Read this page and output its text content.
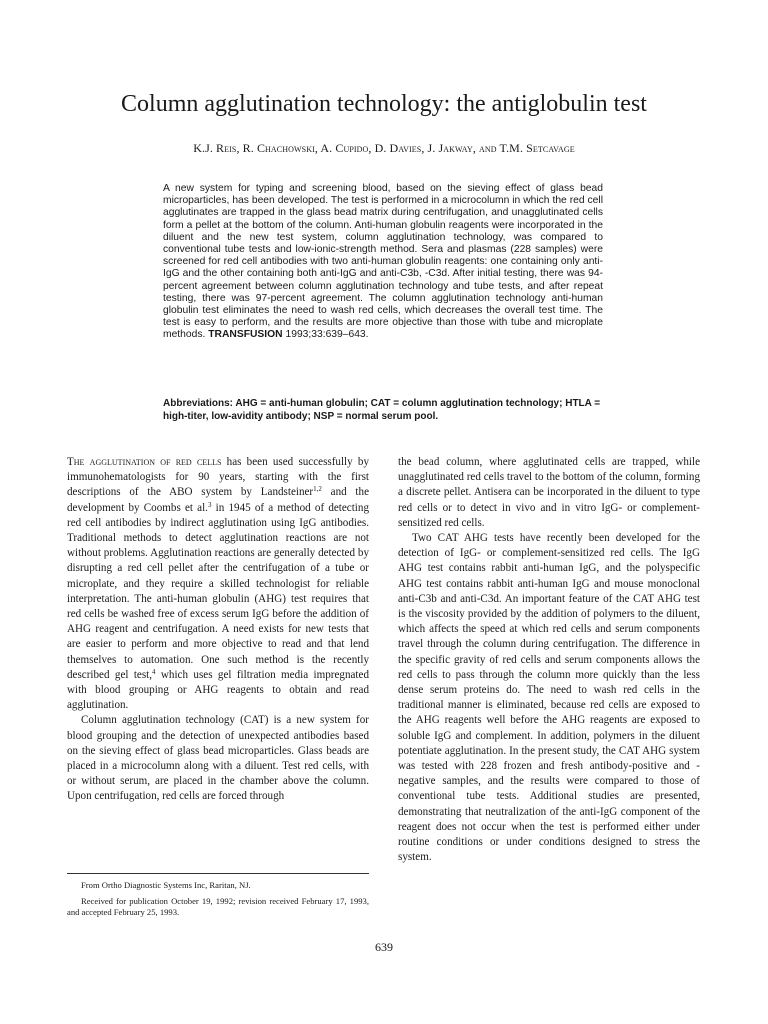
Column agglutination technology: the antiglobulin test
K.J. Reis, R. Chachowski, A. Cupido, D. Davies, J. Jakway, and T.M. Setcavage
A new system for typing and screening blood, based on the sieving effect of glass bead microparticles, has been developed. The test is performed in a microcolumn in which the red cell agglutinates are trapped in the glass bead matrix during centrifugation, and unagglutinated cells form a pellet at the bottom of the column. Anti-human globulin reagents were incorporated in the diluent and the new test system, column agglutination technology, was compared to conventional tube tests and low-ionic-strength method. Sera and plasmas (228 samples) were screened for red cell antibodies with two anti-human globulin reagents: one containing only anti-IgG and the other containing both anti-IgG and anti-C3b, -C3d. After initial testing, there was 94-percent agreement between column agglutination technology and tube tests, and after repeat testing, there was 97-percent agreement. The column agglutination technology anti-human globulin test eliminates the need to wash red cells, which decreases the overall test time. The test is easy to perform, and the results are more objective than those with tube and microplate methods. TRANSFUSION 1993;33:639–643.
Abbreviations: AHG = anti-human globulin; CAT = column agglutination technology; HTLA = high-titer, low-avidity antibody; NSP = normal serum pool.

The agglutination of red cells has been used successfully by immunohematologists for 90 years, starting with the first descriptions of the ABO system by Landsteiner$^{1,2}$ and the development by Coombs et al.$^3$ in 1945 of a method of detecting red cell antibodies by indirect agglutination using IgG antibodies. Traditional methods to detect agglutination reactions are not without problems. Agglutination reactions are generally detected by disrupting a red cell pellet after the centrifugation of a tube or microplate, and they require a skilled technologist for reliable interpretation. The anti-human globulin (AHG) test requires that red cells be washed free of excess serum IgG before the addition of AHG reagent and centrifugation. A need exists for new tests that are easier to perform and more objective to read and that lend themselves to automation. One such method is the recently described gel test,$^4$ which uses gel filtration media impregnated with blood grouping or AHG reagents to obtain and read agglutination.

Column agglutination technology (CAT) is a new system for blood grouping and the detection of unexpected antibodies based on the sieving effect of glass bead microparticles. Glass beads are placed in a microcolumn along with a diluent. Test red cells, with or without serum, are placed in the chamber above the column. Upon centrifugation, red cells are forced through

the bead column, where agglutinated cells are trapped, while unagglutinated red cells travel to the bottom of the column, forming a discrete pellet. Antisera can be incorporated in the diluent to type red cells or to detect in vivo and in vitro IgG- or complement-sensitized red cells.

Two CAT AHG tests have recently been developed for the detection of IgG- or complement-sensitized red cells. The IgG AHG test contains rabbit anti-human IgG, and the polyspecific AHG test contains rabbit anti-human IgG and mouse monoclonal anti-C3b and anti-C3d. An important feature of the CAT AHG test is the viscosity provided by the addition of polymers to the diluent, which affects the speed at which red cells and serum components travel through the column during centrifugation. The difference in the specific gravity of red cells and serum components allows the red cells to pass through the column more quickly than the less dense serum proteins do. The need to wash red cells in the traditional manner is eliminated, because red cells are exposed to the AHG reagents well before the AHG reagents are exposed to soluble IgG and complement. In addition, polymers in the diluent potentiate agglutination. In the present study, the CAT AHG system was tested with 228 frozen and fresh antibody-positive and -negative samples, and the results were compared to those of conventional tube tests. Additional studies are presented, demonstrating that neutralization of the anti-IgG component of the reagent does not occur when the test is performed either under routine conditions or under conditions designed to stress the system.

From Ortho Diagnostic Systems Inc, Raritan, NJ.

Received for publication October 19, 1992; revision received February 17, 1993, and accepted February 25, 1993.

639
